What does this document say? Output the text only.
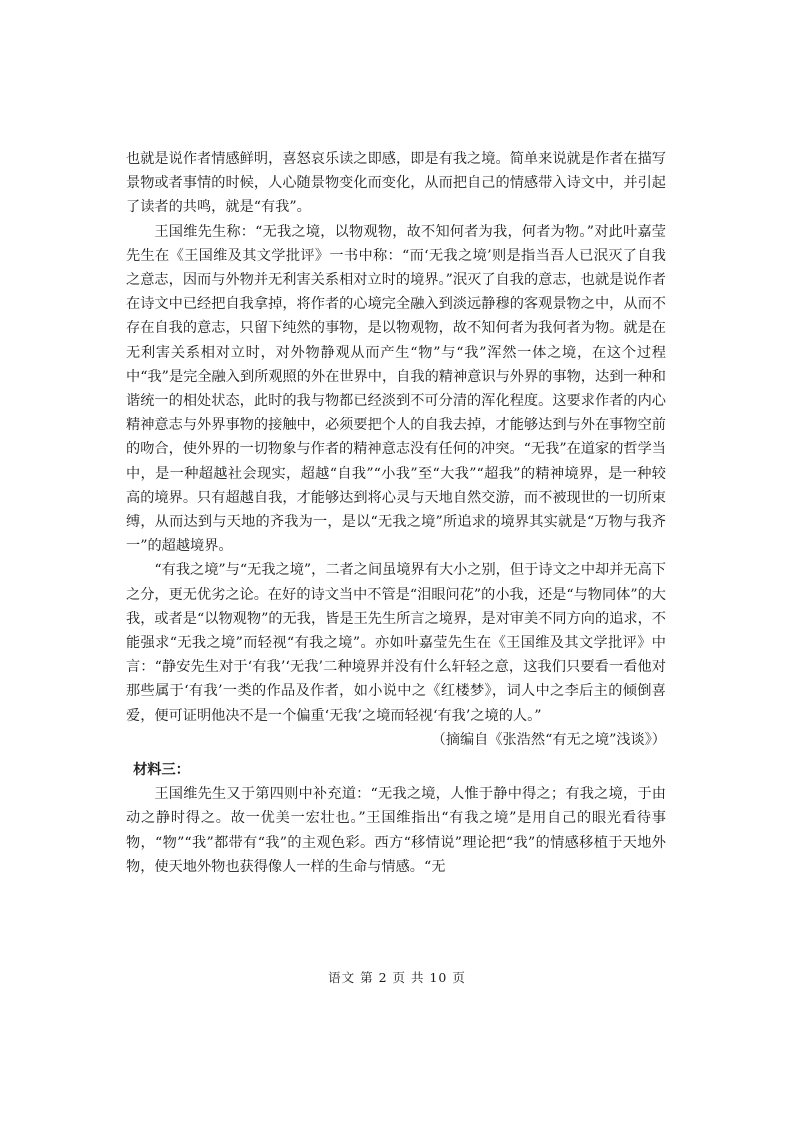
也就是说作者情感鲜明，喜怒哀乐读之即感，即是有我之境。简单来说就是作者在描写景物或者事情的时候，人心随景物变化而变化，从而把自己的情感带入诗文中，并引起了读者的共鸣，就是“有我”。

王国维先生称：“无我之境，以物观物，故不知何者为我，何者为物。”对此叶嘉莹先生在《王国维及其文学批评》一书中称：“而‘无我之境’则是指当吾人已泯灭了自我之意志，因而与外物并无利害关系相对立时的境界。”泯灭了自我的意志，也就是说作者在诗文中已经把自我拿掉，将作者的心境完全融入到淡远静穆的客观景物之中，从而不存在自我的意志，只留下纯然的事物，是以物观物，故不知何者为我何者为物。就是在无利害关系相对立时，对外物静观从而产生“物”与“我”浑然一体之境，在这个过程中“我”是完全融入到所观照的外在世界中，自我的精神意识与外界的事物，达到一种和谐统一的相处状态，此时的我与物都已经淡到不可分清的浑化程度。这要求作者的内心精神意志与外界事物的接触中，必须要把个人的自我去掉，才能够达到与外在事物空前的吻合，使外界的一切物象与作者的精神意志没有任何的冲突。“无我”在道家的哲学当中，是一种超越社会现实，超越“自我”“小我”至“大我”“超我”的精神境界，是一种较高的境界。只有超越自我，才能够达到将心灵与天地自然交游，而不被现世的一切所束缚，从而达到与天地的齐我为一，是以“无我之境”所追求的境界其实就是“万物与我齐一”的超越境界。

“有我之境”与“无我之境”，二者之间虽境界有大小之别，但于诗文之中却并无高下之分，更无优劣之论。在好的诗文当中不管是“泪眼问花”的小我，还是“与物同体”的大我，或者是“以物观物”的无我，皆是王先生所言之境界，是对审美不同方向的追求，不能强求“无我之境”而轻视“有我之境”。亦如叶嘉莹先生在《王国维及其文学批评》中言：“静安先生对于‘有我’‘无我’二种境界并没有什么轩轻之意，这我们只要看一看他对那些属于‘有我’一类的作品及作者，如小说中之《红楼梦》，词人中之李后主的倾倒喜爱，便可证明他决不是一个偏重‘无我’之境而轻视‘有我’之境的人。”

（摘编自《张浩然“有无之境”浅谈》）

材料三：

王国维先生又于第四则中补充道：“无我之境，人惟于静中得之；有我之境，于由动之静时得之。故一优美一宏壮也。”王国维指出“有我之境”是用自己的眼光看待事物，“物”“我”都带有“我”的主观色彩。西方“移情说”理论把“我”的情感移植于天地外物，使天地外物也获得像人一样的生命与情感。“无

语文 第 2 页 共 10 页
